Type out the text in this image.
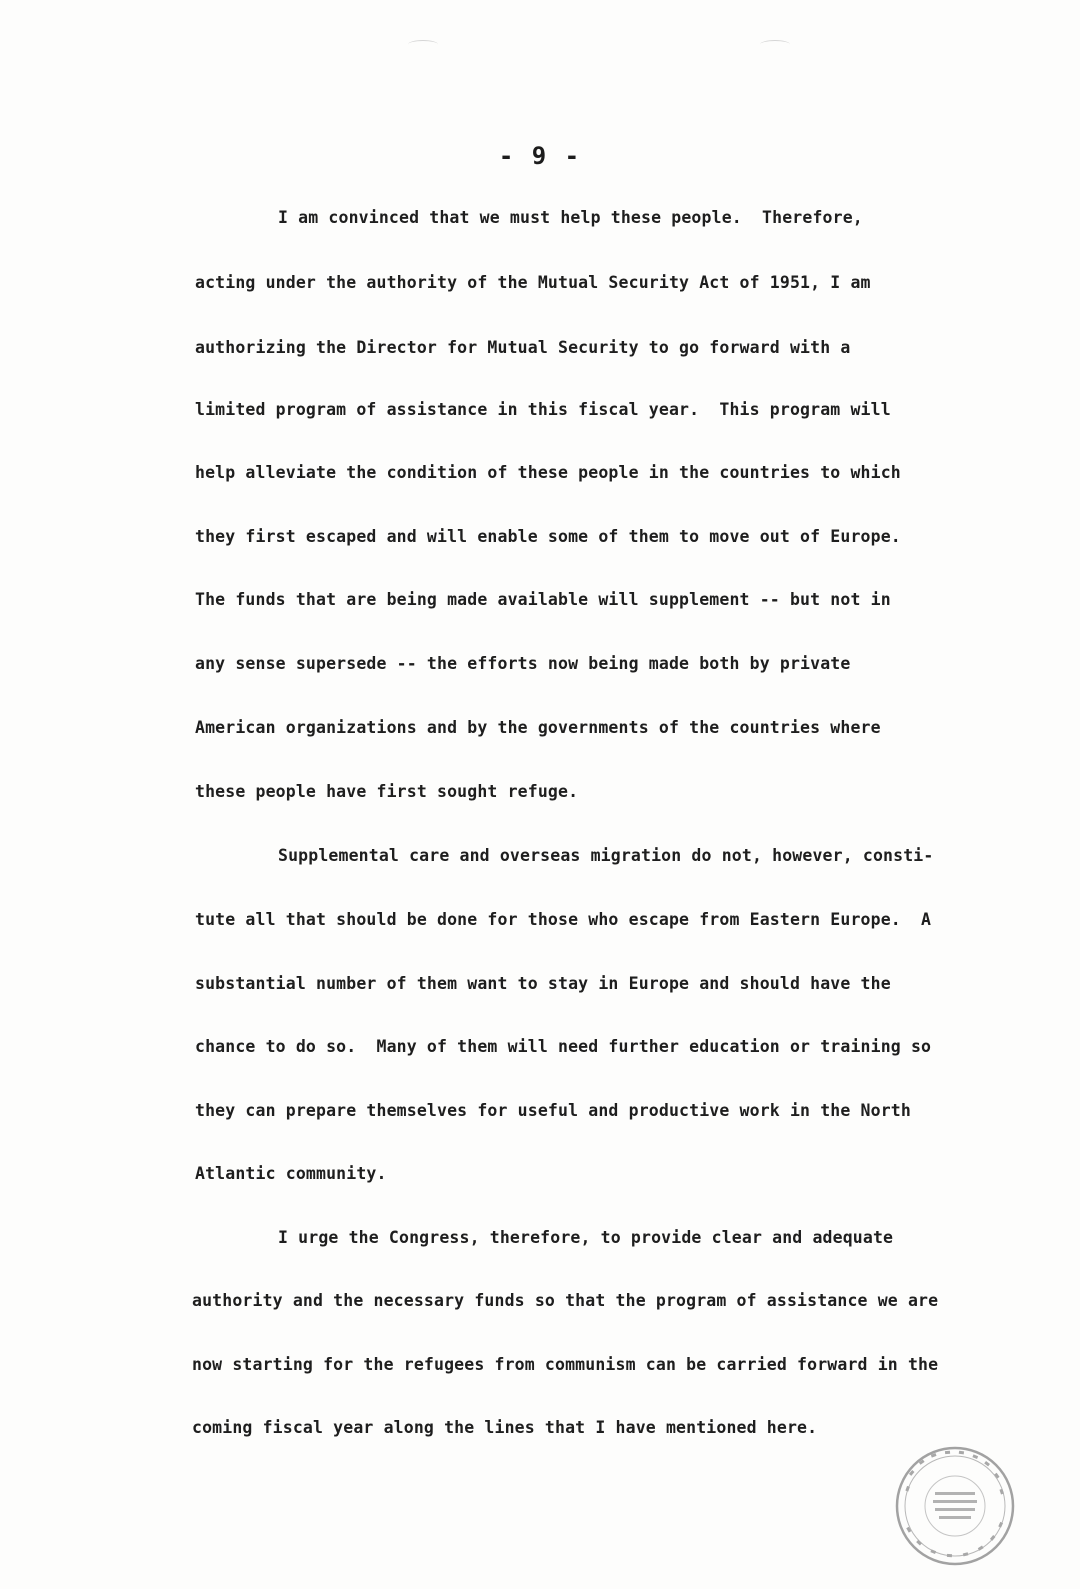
- 9 -
I am convinced that we must help these people.  Therefore,
acting under the authority of the Mutual Security Act of 1951, I am
authorizing the Director for Mutual Security to go forward with a
limited program of assistance in this fiscal year.  This program will
help alleviate the condition of these people in the countries to which
they first escaped and will enable some of them to move out of Europe.
The funds that are being made available will supplement -- but not in
any sense supersede -- the efforts now being made both by private
American organizations and by the governments of the countries where
these people have first sought refuge.
Supplemental care and overseas migration do not, however, consti-
tute all that should be done for those who escape from Eastern Europe.  A
substantial number of them want to stay in Europe and should have the
chance to do so.  Many of them will need further education or training so
they can prepare themselves for useful and productive work in the North
Atlantic community.
I urge the Congress, therefore, to provide clear and adequate
authority and the necessary funds so that the program of assistance we are
now starting for the refugees from communism can be carried forward in the
coming fiscal year along the lines that I have mentioned here.
